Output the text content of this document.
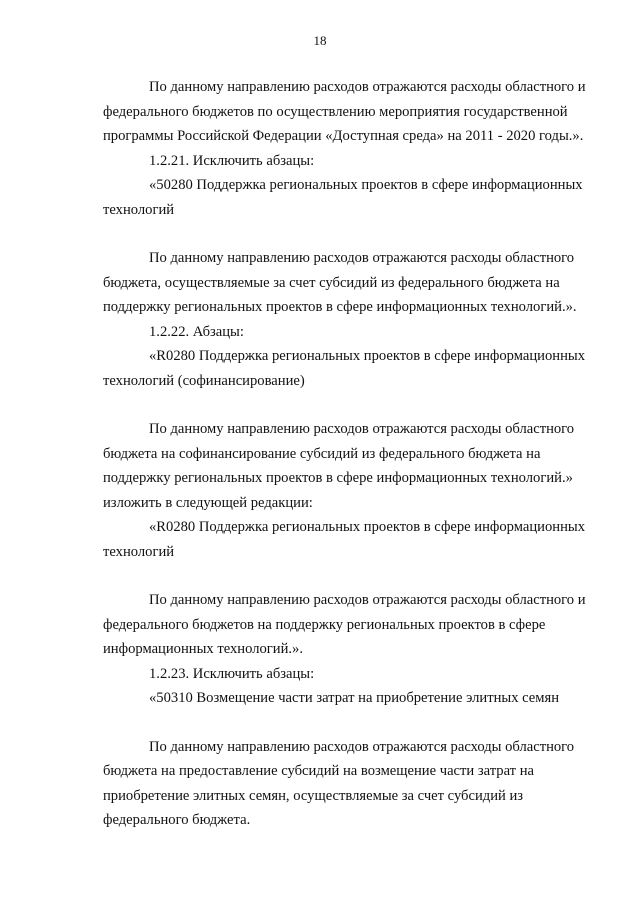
18

По данному направлению расходов отражаются расходы областного и
федерального бюджетов по осуществлению мероприятия государственной
программы Российской Федерации «Доступная среда» на 2011 - 2020 годы.».

1.2.21. Исключить абзацы:

«50280 Поддержка региональных проектов в сфере информационных
технологий

По данному направлению расходов отражаются расходы областного
бюджета, осуществляемые за счет субсидий из федерального бюджета на
поддержку региональных проектов в сфере информационных технологий.».

1.2.22. Абзацы:

«R0280 Поддержка региональных проектов в сфере информационных
технологий (софинансирование)

По данному направлению расходов отражаются расходы областного
бюджета на софинансирование субсидий из федерального бюджета на
поддержку региональных проектов в сфере информационных технологий.»
изложить в следующей редакции:

«R0280 Поддержка региональных проектов в сфере информационных
технологий

По данному направлению расходов отражаются расходы областного и
федерального бюджетов на поддержку региональных проектов в сфере
информационных технологий.».

1.2.23. Исключить абзацы:

«50310 Возмещение части затрат на приобретение элитных семян

По данному направлению расходов отражаются расходы областного
бюджета на предоставление субсидий на возмещение части затрат на
приобретение элитных семян, осуществляемые за счет субсидий из
федерального бюджета.
